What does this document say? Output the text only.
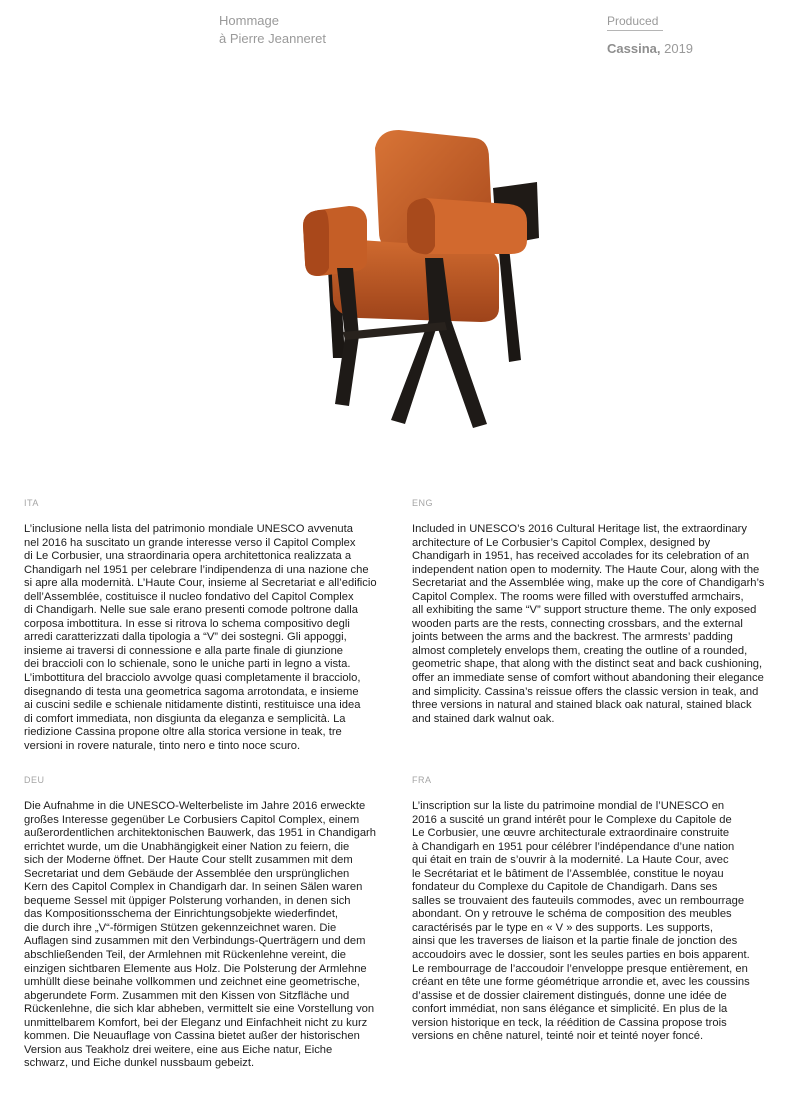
Hommage
à Pierre Jeanneret
Produced
Cassina, 2019
ITA
L’inclusione nella lista del patrimonio mondiale UNESCO avvenuta
nel 2016 ha suscitato un grande interesse verso il Capitol Complex
di Le Corbusier, una straordinaria opera architettonica realizzata a
Chandigarh nel 1951 per celebrare l’indipendenza di una nazione che
si apre alla modernità. L’Haute Cour, insieme al Secretariat e all’edificio
dell’Assemblée, costituisce il nucleo fondativo del Capitol Complex
di Chandigarh. Nelle sue sale erano presenti comode poltrone dalla
corposa imbottitura. In esse si ritrova lo schema compositivo degli
arredi caratterizzati dalla tipologia a “V” dei sostegni. Gli appoggi,
insieme ai traversi di connessione e alla parte finale di giunzione
dei braccioli con lo schienale, sono le uniche parti in legno a vista.
L’imbottitura del bracciolo avvolge quasi completamente il bracciolo,
disegnando di testa una geometrica sagoma arrotondata, e insieme
ai cuscini sedile e schienale nitidamente distinti, restituisce una idea
di comfort immediata, non disgiunta da eleganza e semplicità. La
riedizione Cassina propone oltre alla storica versione in teak, tre
versioni in rovere naturale, tinto nero e tinto noce scuro.
ENG
Included in UNESCO’s 2016 Cultural Heritage list, the extraordinary
architecture of Le Corbusier’s Capitol Complex, designed by
Chandigarh in 1951, has received accolades for its celebration of an
independent nation open to modernity. The Haute Cour, along with the
Secretariat and the Assemblée wing, make up the core of Chandigarh’s
Capitol Complex. The rooms were filled with overstuffed armchairs,
all exhibiting the same “V” support structure theme. The only exposed
wooden parts are the rests, connecting crossbars, and the external
joints between the arms and the backrest. The armrests’ padding
almost completely envelops them, creating the outline of a rounded,
geometric shape, that along with the distinct seat and back cushioning,
offer an immediate sense of comfort without abandoning their elegance
and simplicity. Cassina’s reissue offers the classic version in teak, and
three versions in natural and stained black oak natural, stained black
and stained dark walnut oak.
DEU
Die Aufnahme in die UNESCO-Welterbeliste im Jahre 2016 erweckte
großes Interesse gegenüber Le Corbusiers Capitol Complex, einem
außerordentlichen architektonischen Bauwerk, das 1951 in Chandigarh
errichtet wurde, um die Unabhängigkeit einer Nation zu feiern, die
sich der Moderne öffnet. Der Haute Cour stellt zusammen mit dem
Secretariat und dem Gebäude der Assemblée den ursprünglichen
Kern des Capitol Complex in Chandigarh dar. In seinen Sälen waren
bequeme Sessel mit üppiger Polsterung vorhanden, in denen sich
das Kompositionsschema der Einrichtungsobjekte wiederfindet,
die durch ihre „V“-förmigen Stützen gekennzeichnet waren. Die
Auflagen sind zusammen mit den Verbindungs-Querträgern und dem
abschließenden Teil, der Armlehnen mit Rückenlehne vereint, die
einzigen sichtbaren Elemente aus Holz. Die Polsterung der Armlehne
umhüllt diese beinahe vollkommen und zeichnet eine geometrische,
abgerundete Form. Zusammen mit den Kissen von Sitzfläche und
Rückenlehne, die sich klar abheben, vermittelt sie eine Vorstellung von
unmittelbarem Komfort, bei der Eleganz und Einfachheit nicht zu kurz
kommen. Die Neuauflage von Cassina bietet außer der historischen
Version aus Teakholz drei weitere, eine aus Eiche natur, Eiche
schwarz, und Eiche dunkel nussbaum gebeizt.
FRA
L’inscription sur la liste du patrimoine mondial de l’UNESCO en
2016 a suscité un grand intérêt pour le Complexe du Capitole de
Le Corbusier, une œuvre architecturale extraordinaire construite
à Chandigarh en 1951 pour célébrer l’indépendance d’une nation
qui était en train de s’ouvrir à la modernité. La Haute Cour, avec
le Secrétariat et le bâtiment de l’Assemblée, constitue le noyau
fondateur du Complexe du Capitole de Chandigarh. Dans ses
salles se trouvaient des fauteuils commodes, avec un rembourrage
abondant. On y retrouve le schéma de composition des meubles
caractérisés par le type en « V » des supports. Les supports,
ainsi que les traverses de liaison et la partie finale de jonction des
accoudoirs avec le dossier, sont les seules parties en bois apparent.
Le rembourrage de l’accoudoir l’enveloppe presque entièrement, en
créant en tête une forme géométrique arrondie et, avec les coussins
d’assise et de dossier clairement distingués, donne une idée de
confort immédiat, non sans élégance et simplicité. En plus de la
version historique en teck, la réédition de Cassina propose trois
versions en chêne naturel, teinté noir et teinté noyer foncé.
